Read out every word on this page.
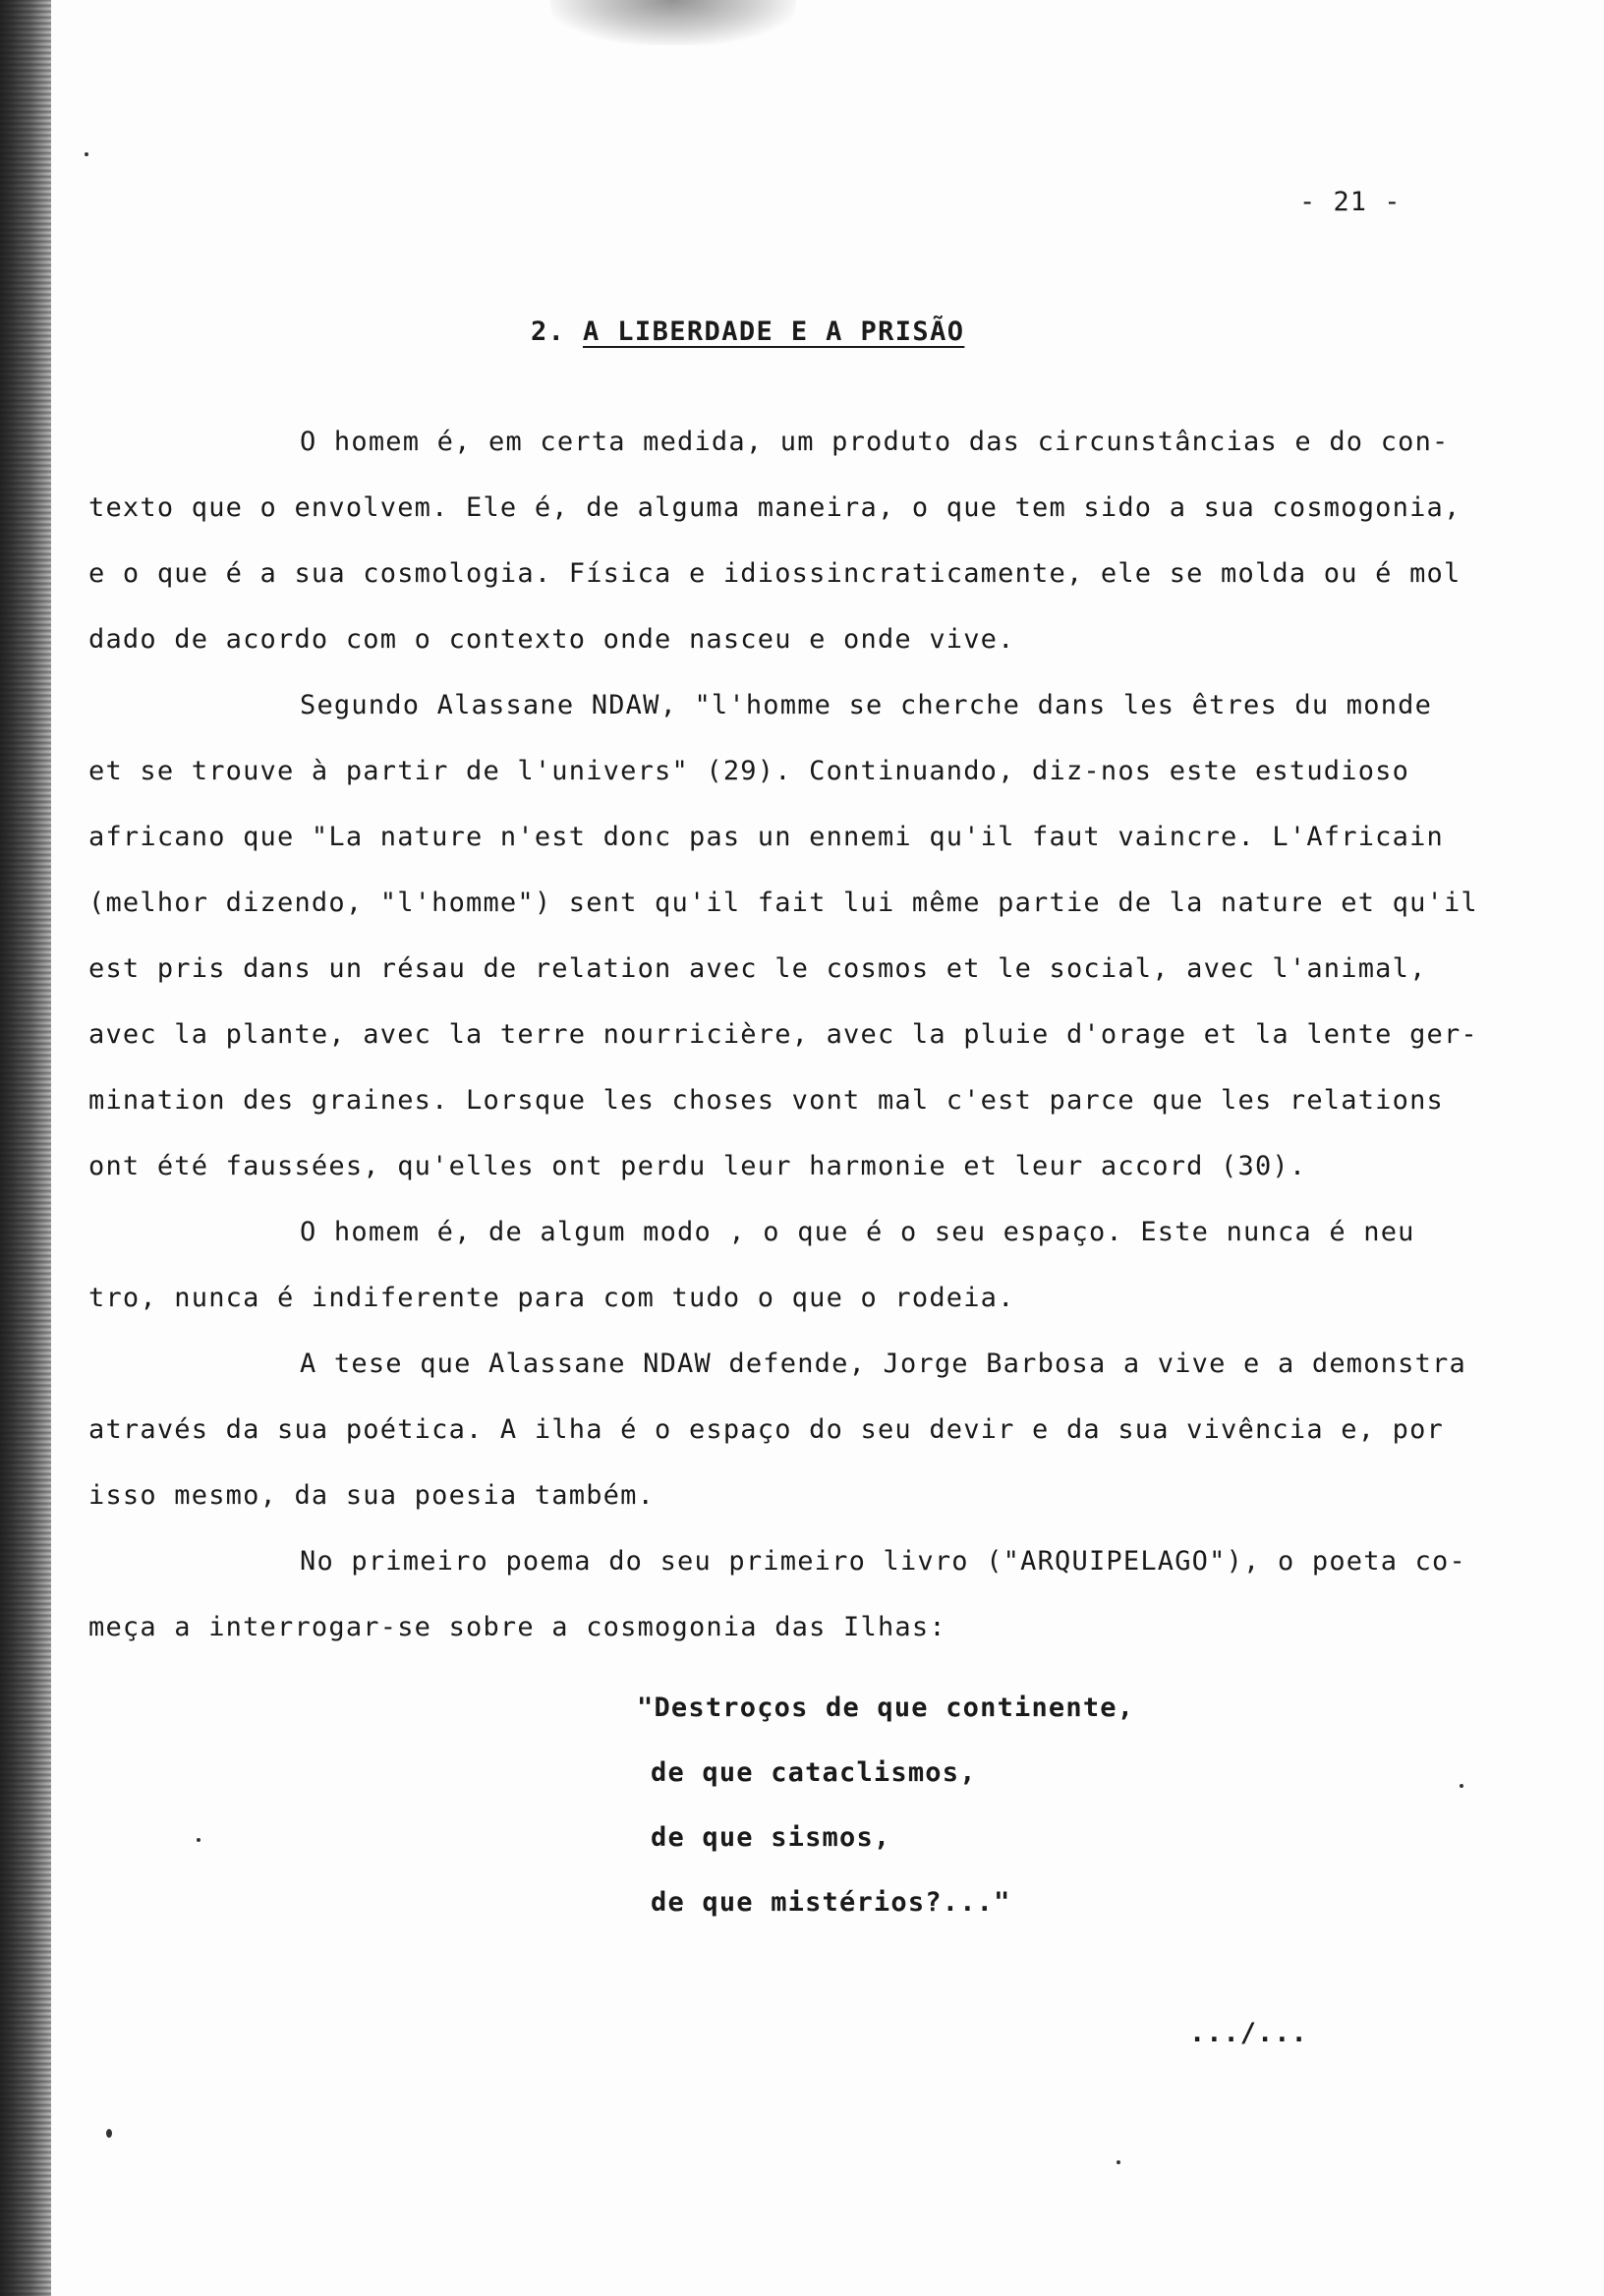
- 21 -
2. A LIBERDADE E A PRISÃO
O homem é, em certa medida, um produto das circunstâncias e do con-
texto que o envolvem. Ele é, de alguma maneira, o que tem sido a sua cosmogonia,
e o que é a sua cosmologia. Física e idiossincraticamente, ele se molda ou é mol
dado de acordo com o contexto onde nasceu e onde vive.
Segundo Alassane NDAW, "l'homme se cherche dans les êtres du monde
et se trouve à partir de l'univers" (29). Continuando, diz-nos este estudioso
africano que "La nature n'est donc pas un ennemi qu'il faut vaincre. L'Africain
(melhor dizendo, "l'homme") sent qu'il fait lui même partie de la nature et qu'il
est pris dans un résau de relation avec le cosmos et le social, avec l'animal,
avec la plante, avec la terre nourricière, avec la pluie d'orage et la lente ger-
mination des graines. Lorsque les choses vont mal c'est parce que les relations
ont été faussées, qu'elles ont perdu leur harmonie et leur accord (30).
O homem é, de algum modo , o que é o seu espaço. Este nunca é neu
tro, nunca é indiferente para com tudo o que o rodeia.
A tese que Alassane NDAW defende, Jorge Barbosa a vive e a demonstra
através da sua poética. A ilha é o espaço do seu devir e da sua vivência e, por
isso mesmo, da sua poesia também.
No primeiro poema do seu primeiro livro ("ARQUIPELAGO"), o poeta co-
meça a interrogar-se sobre a cosmogonia das Ilhas:
"Destroços de que continente,
de que cataclismos,
de que sismos,
de que mistérios?..."
.../...
